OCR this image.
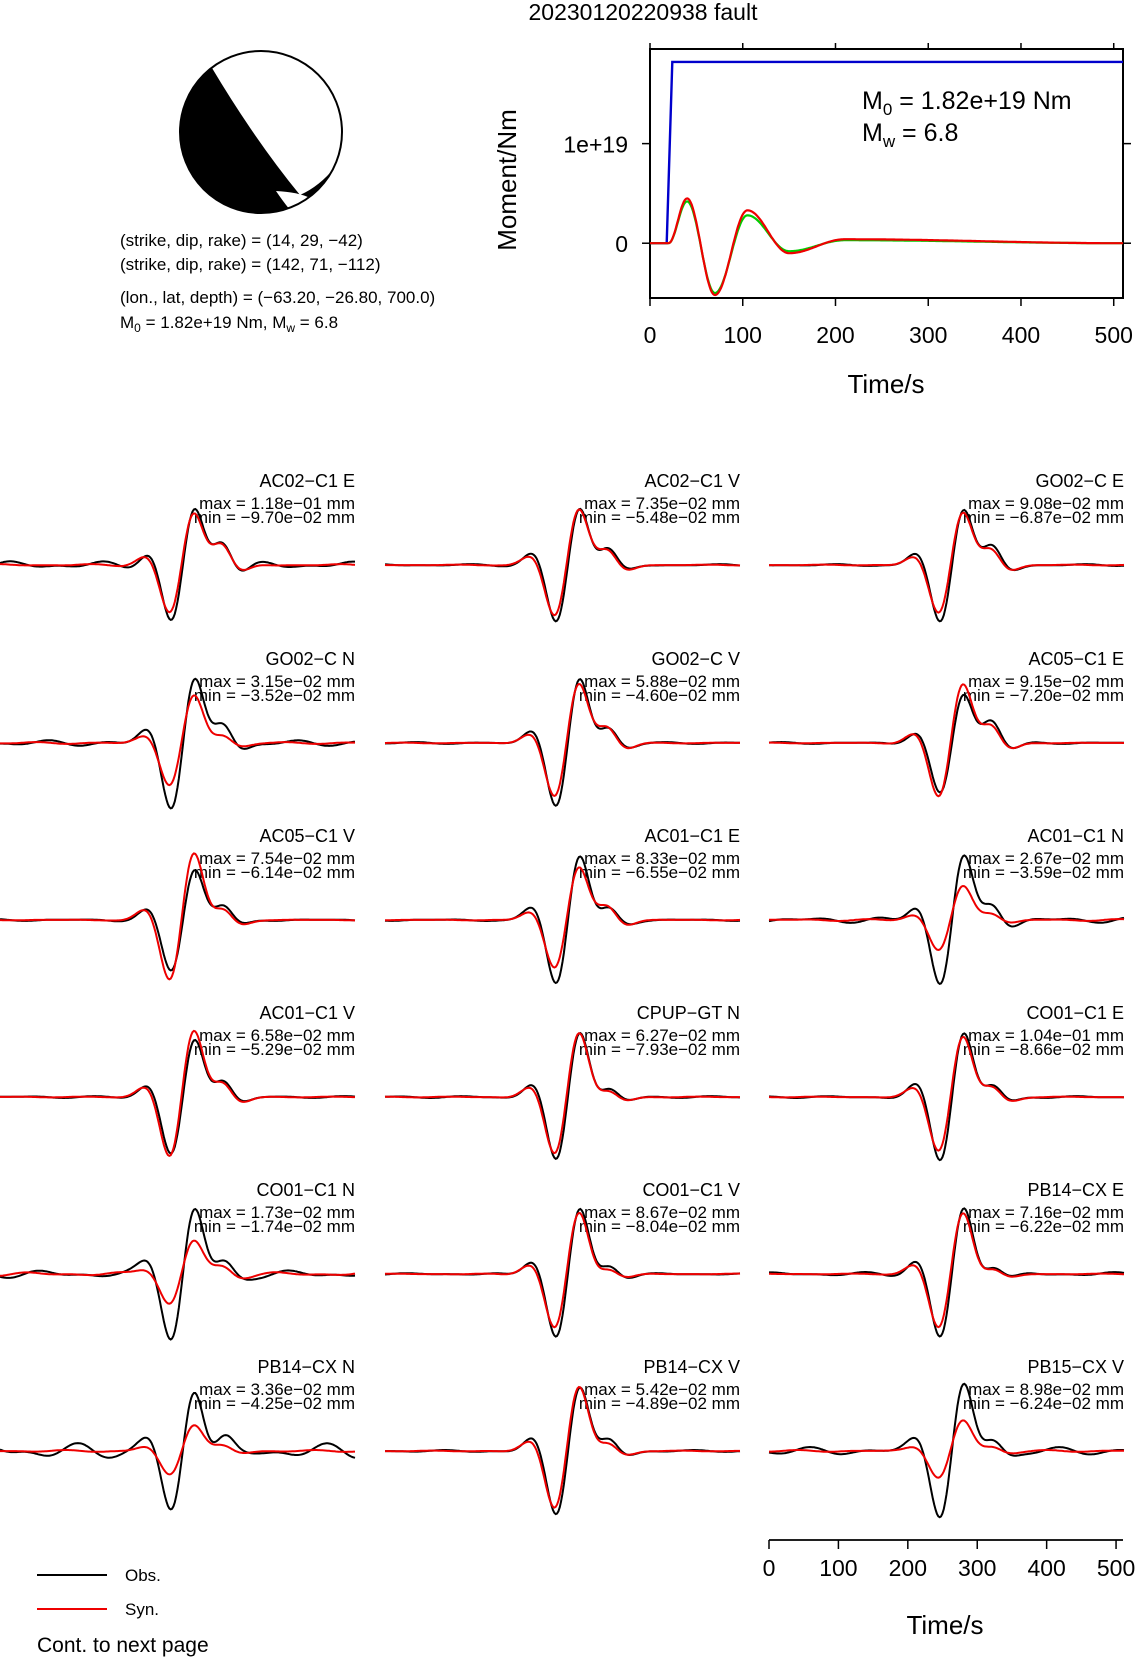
20230120220938 fault
(strike, dip, rake) = (14, 29, −42)
(strike, dip, rake) = (142, 71, −112)
(lon., lat, depth) = (−63.20, −26.80, 700.0)
$M_0 = 1.82e+19$ Nm, $M_w = 6.8$
Moment/Nm
Time/s
$M_0 = 1.82e+19$ Nm
$M_w = 6.8$
0	100 200 300 400 500
0
1e+19
AC02−C1 E
max = 1.18e−01 mm
min = −9.70e−02 mm
AC02−C1 V
max = 7.35e−02 mm
min = −5.48e−02 mm
GO02−C E
max = 9.08e−02 mm
min = −6.87e−02 mm
GO02−C N
max = 3.15e−02 mm
min = −3.52e−02 mm
GO02−C V
max = 5.88e−02 mm
min = −4.60e−02 mm
AC05−C1 E
max = 9.15e−02 mm
min = −7.20e−02 mm
AC05−C1 V
max = 7.54e−02 mm
min = −6.14e−02 mm
AC01−C1 E
max = 8.33e−02 mm
min = −6.55e−02 mm
AC01−C1 N
max = 2.67e−02 mm
min = −3.59e−02 mm
AC01−C1 V
max = 6.58e−02 mm
min = −5.29e−02 mm
CPUP−GT N
max = 6.27e−02 mm
min = −7.93e−02 mm
CO01−C1 E
max = 1.04e−01 mm
min = −8.66e−02 mm
CO01−C1 N
max = 1.73e−02 mm
min = −1.74e−02 mm
CO01−C1 V
max = 8.67e−02 mm
min = −8.04e−02 mm
PB14−CX E
max = 7.16e−02 mm
min = −6.22e−02 mm
PB14−CX N
max = 3.36e−02 mm
min = −4.25e−02 mm
PB14−CX V
max = 5.42e−02 mm
min = −4.89e−02 mm
PB15−CX V
max = 8.98e−02 mm
min = −6.24e−02 mm
Time/s
0 100 200 300 400 500
Obs.
Syn.
Cont. to next page
